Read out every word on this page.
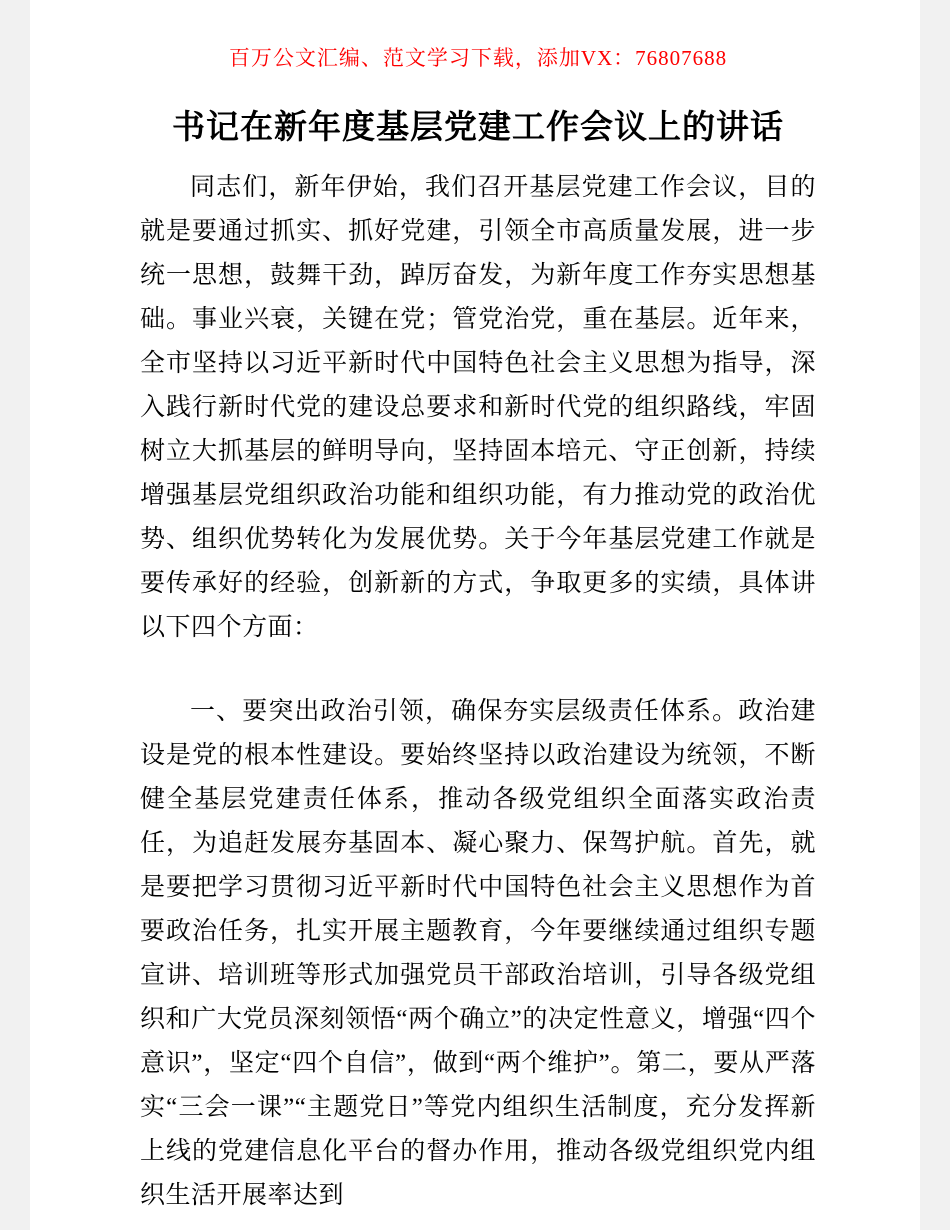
百万公文汇编、范文学习下载，添加VX：76807688
书记在新年度基层党建工作会议上的讲话

同志们，新年伊始，我们召开基层党建工作会议，目的就是要通过抓实、抓好党建，引领全市高质量发展，进一步统一思想，鼓舞干劲，踔厉奋发，为新年度工作夯实思想基础。事业兴衰，关键在党；管党治党，重在基层。近年来，全市坚持以习近平新时代中国特色社会主义思想为指导，深入践行新时代党的建设总要求和新时代党的组织路线，牢固树立大抓基层的鲜明导向，坚持固本培元、守正创新，持续增强基层党组织政治功能和组织功能，有力推动党的政治优势、组织优势转化为发展优势。关于今年基层党建工作就是要传承好的经验，创新新的方式，争取更多的实绩，具体讲以下四个方面：

一、要突出政治引领，确保夯实层级责任体系。政治建设是党的根本性建设。要始终坚持以政治建设为统领，不断健全基层党建责任体系，推动各级党组织全面落实政治责任，为追赶发展夯基固本、凝心聚力、保驾护航。首先，就是要把学习贯彻习近平新时代中国特色社会主义思想作为首要政治任务，扎实开展主题教育，今年要继续通过组织专题宣讲、培训班等形式加强党员干部政治培训，引导各级党组织和广大党员深刻领悟“两个确立”的决定性意义，增强“四个意识”，坚定“四个自信”，做到“两个维护”。第二，要从严落实“三会一课”“主题党日”等党内组织生活制度，充分发挥新上线的党建信息化平台的督办作用，推动各级党组织党内组织生活开展率达到
